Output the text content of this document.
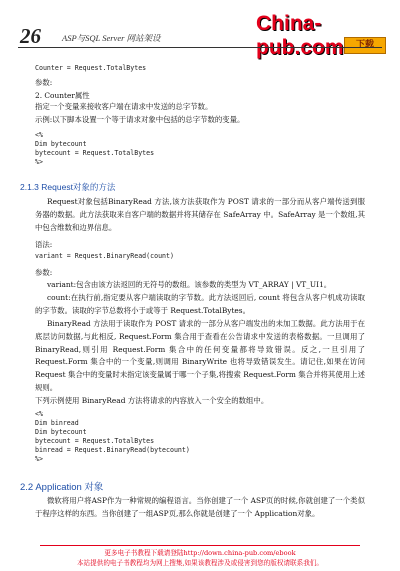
26 ASP与SQL Server 网站架设
China-pub.com	下载
Counter = Request.TotalBytes
参数:
2. Counter属性
指定一个变量来接收客户端在请求中发送的总字节数。
示例:以下脚本设置一个等于请求对象中包括的总字节数的变量。
<%
Dim bytecount
bytecount = Request.TotalBytes
%>
2.1.3 Request对象的方法

Request对象包括BinaryRead 方法,该方法获取作为 POST 请求的一部分而从客户端传送到服务器的数据。此方法获取来自客户端的数据并将其储存在 SafeArray 中。SafeArray 是一个数组,其中包含维数和边界信息。

语法:
variant = Request.BinaryRead(count)
参数:

variant:包含由该方法返回的无符号的数组。该参数的类型为 VT_ARRAY | VT_UI1。

count:在执行前,指定要从客户端读取的字节数。此方法返回后, count 将包含从客户机成功读取的字节数。读取的字节总数将小于或等于 Request.TotalBytes。

BinaryRead 方法用于读取作为 POST 请求的一部分从客户端发出的未加工数据。此方法用于在底层访问数据,与此相反, Request.Form 集合用于查看在公告请求中发送的表格数据。一旦调用了 BinaryRead,则引用 Request.Form 集合中的任何变量都将导致错误。反之,一旦引用了 Request.Form 集合中的一个变量,则调用 BinaryWrite 也将导致错误发生。请记住,如果在访问 Request 集合中的变量时未指定该变量属于哪一个子集,将搜索 Request.Form 集合并将其使用上述规则。

下列示例使用 BinaryRead 方法将请求的内容放入一个安全的数组中。
<%
Dim binread
Dim bytecount
bytecount = Request.TotalBytes
binread = Request.BinaryRead(bytecount)
%>
2.2 Application 对象

微软将用户将ASP作为一种常规的编程语言。当你创建了一个 ASP页的时候,你就创建了一个类似于程序这样的东西。当你创建了一组ASP页,那么你就是创建了一个 Application对象。

更多电子书教程下载请登陆http://down.china-pub.com/ebook
本站提供的电子书教程均为网上搜集,如果该教程涉及或侵害到您的版权请联系我们。
